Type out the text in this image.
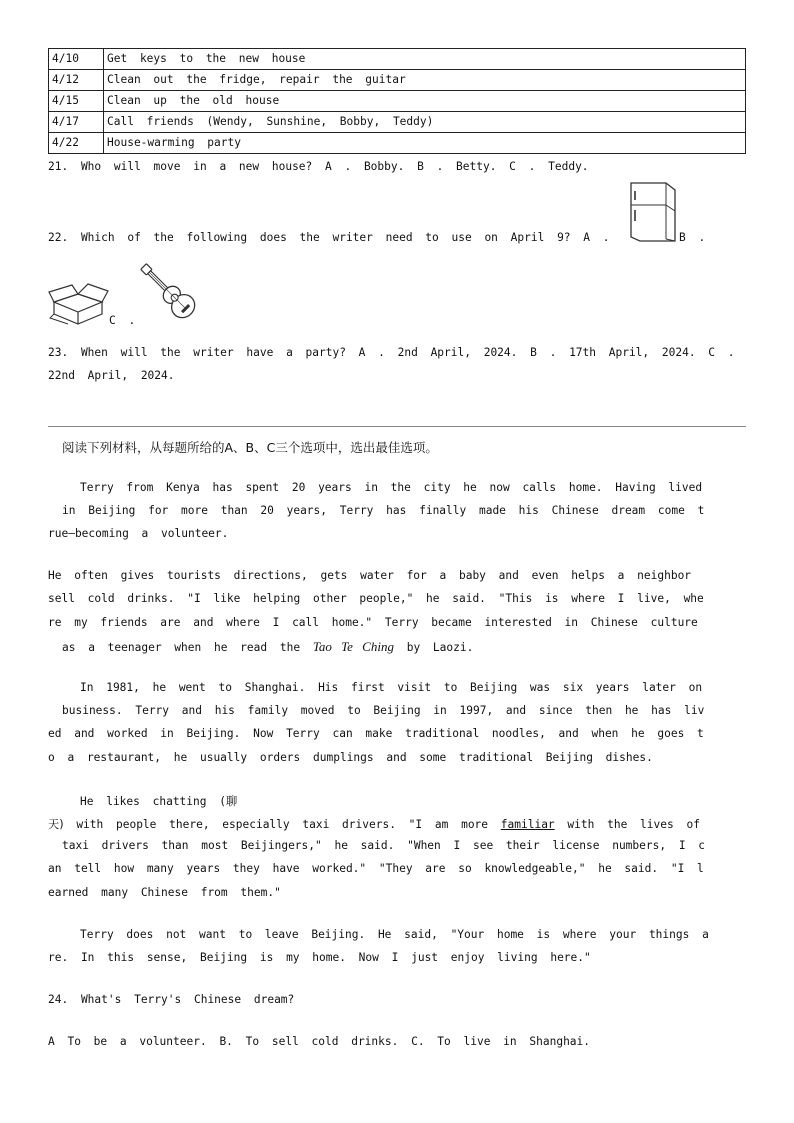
4/10	Get keys to the new house
4/12	Clean out the fridge, repair the guitar
4/15	Clean up the old house
4/17	Call friends (Wendy, Sunshine, Bobby, Teddy)
4/22	House-warming party
21. Who will move in a new house? A . Bobby. B . Betty. C . Teddy.
22. Which of the following does the writer need to use on April 9? A .	B .
C .
23. When will the writer have a party? A . 2nd April, 2024. B . 17th April, 2024. C .
22nd April, 2024.
阅读下列材料，从每题所给的A、B、C三个选项中，选出最佳选项。
Terry from Kenya has spent 20 years in the city he now calls home. Having lived
in Beijing for more than 20 years, Terry has finally made his Chinese dream come t
rue—becoming a volunteer.
He often gives tourists directions, gets water for a baby and even helps a neighbor
sell cold drinks. "I like helping other people," he said. "This is where I live, whe
re my friends are and where I call home." Terry became interested in Chinese culture
as a teenager when he read the Tao Te Ching by Laozi.
In 1981, he went to Shanghai. His first visit to Beijing was six years later on
business. Terry and his family moved to Beijing in 1997, and since then he has liv
ed and worked in Beijing. Now Terry can make traditional noodles, and when he goes t
o a restaurant, he usually orders dumplings and some traditional Beijing dishes.
He likes chatting (聊
天) with people there, especially taxi drivers. "I am more familiar with the lives of
taxi drivers than most Beijingers," he said. "When I see their license numbers, I c
an tell how many years they have worked." "They are so knowledgeable," he said. "I l
earned many Chinese from them."
Terry does not want to leave Beijing. He said, "Your home is where your things a
re. In this sense, Beijing is my home. Now I just enjoy living here."
24. What's Terry's Chinese dream?
A To be a volunteer. B. To sell cold drinks. C. To live in Shanghai.
